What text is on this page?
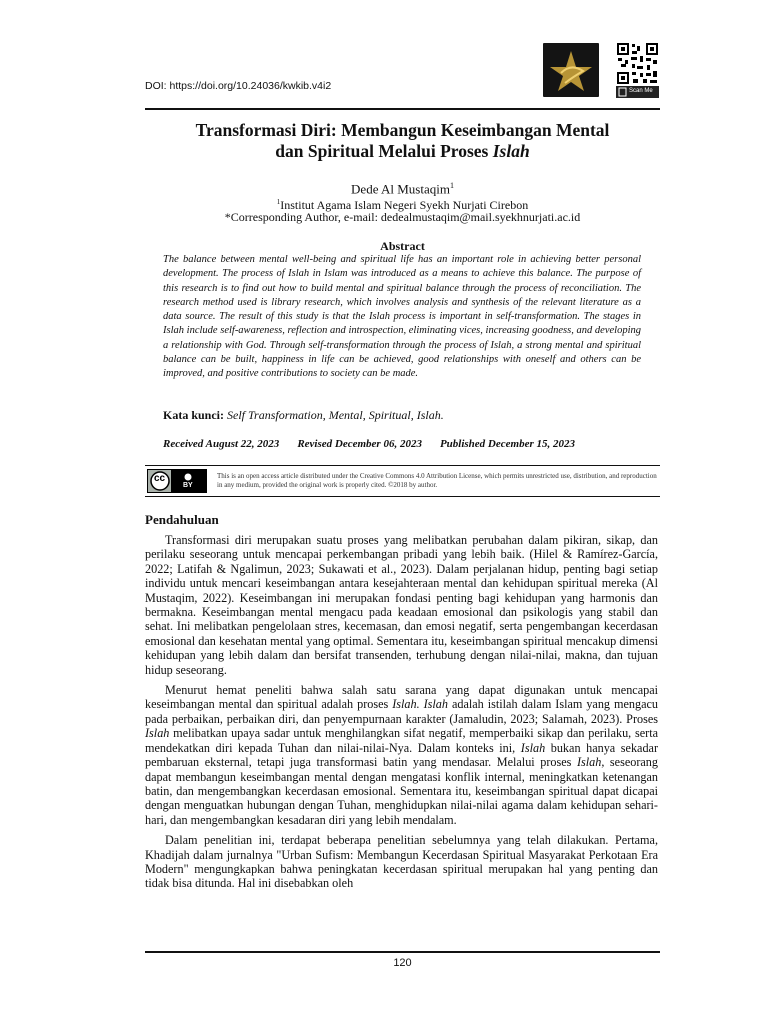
DOI: https://doi.org/10.24036/kwkib.v4i2	Scan Me
Transformasi Diri: Membangun Keseimbangan Mental
dan Spiritual Melalui Proses Islah
Dede Al Mustaqim$^1$
$^1$Institut Agama Islam Negeri Syekh Nurjati Cirebon
*Corresponding Author, e-mail: dedealmustaqim@mail.syekhnurjati.ac.id
Abstract
The balance between mental well-being and spiritual life has an important role in achieving better personal development. The process of Islah in Islam was introduced as a means to achieve this balance. The purpose of this research is to find out how to build mental and spiritual balance through the process of reconciliation. The research method used is library research, which involves analysis and synthesis of the relevant literature as a data source. The result of this study is that the Islah process is important in self-transformation. The stages in Islah include self-awareness, reflection and introspection, eliminating vices, increasing goodness, and developing a relationship with God. Through self-transformation through the process of Islah, a strong mental and spiritual balance can be built, happiness in life can be achieved, good relationships with oneself and others can be improved, and positive contributions to society can be made.
Kata kunci: Self Transformation, Mental, Spiritual, Islah.
Received August 22, 2023 Revised December 06, 2023 Published December 15, 2023
cc
BY
This is an open access article distributed under the Creative Commons 4.0 Attribution License, which permits unrestricted use, distribution, and reproduction in any medium, provided the original work is properly cited. ©2018 by author.
Pendahuluan

Transformasi diri merupakan suatu proses yang melibatkan perubahan dalam pikiran, sikap, dan perilaku seseorang untuk mencapai perkembangan pribadi yang lebih baik. (Hilel & Ramírez-García, 2022; Latifah & Ngalimun, 2023; Sukawati et al., 2023). Dalam perjalanan hidup, penting bagi setiap individu untuk mencari keseimbangan antara kesejahteraan mental dan kehidupan spiritual mereka (Al Mustaqim, 2022). Keseimbangan ini merupakan fondasi penting bagi kehidupan yang harmonis dan bermakna. Keseimbangan mental mengacu pada keadaan emosional dan psikologis yang stabil dan sehat. Ini melibatkan pengelolaan stres, kecemasan, dan emosi negatif, serta pengembangan kecerdasan emosional dan kesehatan mental yang optimal. Sementara itu, keseimbangan spiritual mencakup dimensi kehidupan yang lebih dalam dan bersifat transenden, terhubung dengan nilai-nilai, makna, dan tujuan hidup seseorang.

Menurut hemat peneliti bahwa salah satu sarana yang dapat digunakan untuk mencapai keseimbangan mental dan spiritual adalah proses Islah. Islah adalah istilah dalam Islam yang mengacu pada perbaikan, perbaikan diri, dan penyempurnaan karakter (Jamaludin, 2023; Salamah, 2023). Proses Islah melibatkan upaya sadar untuk menghilangkan sifat negatif, memperbaiki sikap dan perilaku, serta mendekatkan diri kepada Tuhan dan nilai-nilai-Nya. Dalam konteks ini, Islah bukan hanya sekadar pembaruan eksternal, tetapi juga transformasi batin yang mendasar. Melalui proses Islah, seseorang dapat membangun keseimbangan mental dengan mengatasi konflik internal, meningkatkan ketenangan batin, dan mengembangkan kecerdasan emosional. Sementara itu, keseimbangan spiritual dapat dicapai dengan menguatkan hubungan dengan Tuhan, menghidupkan nilai-nilai agama dalam kehidupan sehari-hari, dan mengembangkan kesadaran diri yang lebih mendalam.

Dalam penelitian ini, terdapat beberapa penelitian sebelumnya yang telah dilakukan. Pertama, Khadijah dalam jurnalnya "Urban Sufism: Membangun Kecerdasan Spiritual Masyarakat Perkotaan Era Modern" mengungkapkan bahwa peningkatan kecerdasan spiritual merupakan hal yang penting dan tidak bisa ditunda. Hal ini disebabkan oleh

120
